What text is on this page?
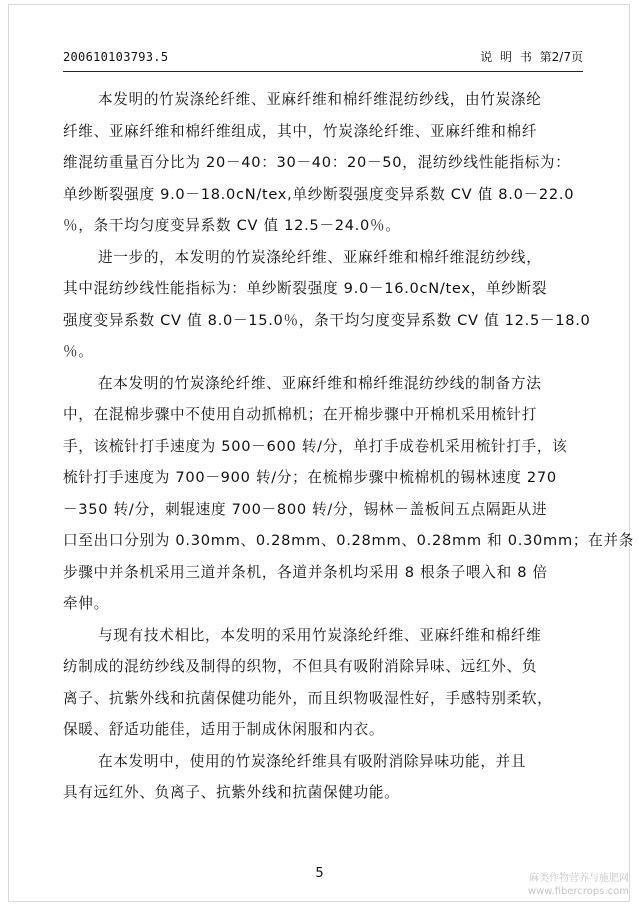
200610103793.5	说 明 书 第2/7页

本发明的竹炭涤纶纤维、亚麻纤维和棉纤维混纺纱线，由竹炭涤纶
纤维、亚麻纤维和棉纤维组成，其中，竹炭涤纶纤维、亚麻纤维和棉纤
维混纺重量百分比为 20－40：30－40：20－50，混纺纱线性能指标为：
单纱断裂强度 9.0－18.0cN/tex,单纱断裂强度变异系数 CV 值 8.0－22.0
％，条干均匀度变异系数 CV 值 12.5－24.0％。

进一步的，本发明的竹炭涤纶纤维、亚麻纤维和棉纤维混纺纱线，
其中混纺纱线性能指标为：单纱断裂强度 9.0－16.0cN/tex，单纱断裂
强度变异系数 CV 值 8.0－15.0％，条干均匀度变异系数 CV 值 12.5－18.0
％。

在本发明的竹炭涤纶纤维、亚麻纤维和棉纤维混纺纱线的制备方法
中，在混棉步骤中不使用自动抓棉机；在开棉步骤中开棉机采用梳针打
手，该梳针打手速度为 500－600 转/分，单打手成卷机采用梳针打手，该
梳针打手速度为 700－900 转/分；在梳棉步骤中梳棉机的锡林速度 270
－350 转/分，刺辊速度 700－800 转/分，锡林－盖板间五点隔距从进
口至出口分别为 0.30mm、0.28mm、0.28mm、0.28mm 和 0.30mm；在并条
步骤中并条机采用三道并条机，各道并条机均采用 8 根条子喂入和 8 倍
牵伸。

与现有技术相比，本发明的采用竹炭涤纶纤维、亚麻纤维和棉纤维
纺制成的混纺纱线及制得的织物，不但具有吸附消除异味、远红外、负
离子、抗紫外线和抗菌保健功能外，而且织物吸湿性好，手感特别柔软，
保暖、舒适功能佳，适用于制成休闲服和内衣。

在本发明中，使用的竹炭涤纶纤维具有吸附消除异味功能，并且
具有远红外、负离子、抗紫外线和抗菌保健功能。

5	麻类作物营养与施肥网
www.fibercrops.com
